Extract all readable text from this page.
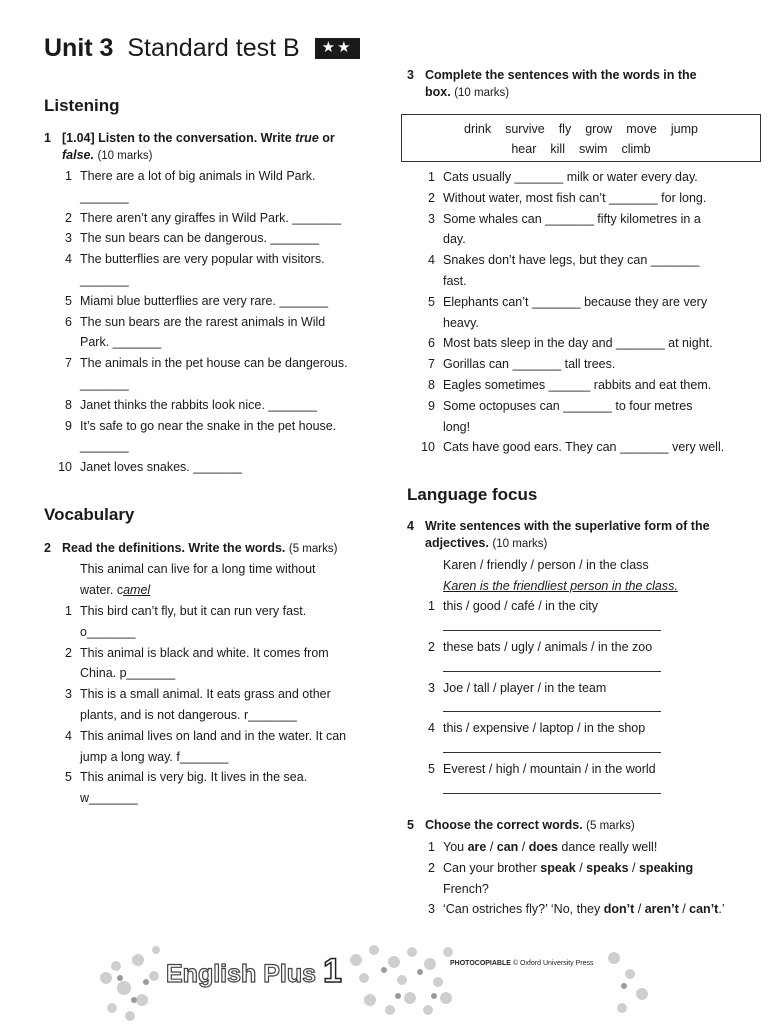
Unit 3 Standard test B ★★
Listening
1 [1.04] Listen to the conversation. Write true or
false. (10 marks)
1 There are a lot of big animals in Wild Park.
_______
2 There aren’t any giraffes in Wild Park. _______
3 The sun bears can be dangerous. _______
4 The butterflies are very popular with visitors.
_______
5 Miami blue butterflies are very rare. _______
6 The sun bears are the rarest animals in Wild
Park. _______
7 The animals in the pet house can be dangerous.
_______
8 Janet thinks the rabbits look nice. _______
9 It’s safe to go near the snake in the pet house.
_______
10 Janet loves snakes. _______
Vocabulary
2 Read the definitions. Write the words. (5 marks)
This animal can live for a long time without
water. camel
1 This bird can’t fly, but it can run very fast.
o_______
2 This animal is black and white. It comes from
China. p_______
3 This is a small animal. It eats grass and other
plants, and is not dangerous. r_______
4 This animal lives on land and in the water. It can
jump a long way. f_______
5 This animal is very big. It lives in the sea.
w_______
3 Complete the sentences with the words in the
box. (10 marks)
drink survive fly grow move jump
hear kill swim climb
1 Cats usually _______ milk or water every day.
2 Without water, most fish can’t _______ for long.
3 Some whales can _______ fifty kilometres in a
day.
4 Snakes don’t have legs, but they can _______
fast.
5 Elephants can’t _______ because they are very
heavy.
6 Most bats sleep in the day and _______ at night.
7 Gorillas can _______ tall trees.
8 Eagles sometimes ______ rabbits and eat them.
9 Some octopuses can _______ to four metres
long!
10 Cats have good ears. They can _______ very well.
Language focus
4 Write sentences with the superlative form of the
adjectives. (10 marks)
Karen / friendly / person / in the class
Karen is the friendliest person in the class.
1 this / good / café / in the city
2 these bats / ugly / animals / in the zoo
3 Joe / tall / player / in the team
4 this / expensive / laptop / in the shop
5 Everest / high / mountain / in the world
5 Choose the correct words. (5 marks)
1 You are / can / does dance really well!
2 Can your brother speak / speaks / speaking
French?
3 ‘Can ostriches fly?’ ‘No, they don’t / aren’t / can’t.’
English Plus 1	PHOTOCOPIABLE © Oxford University Press
